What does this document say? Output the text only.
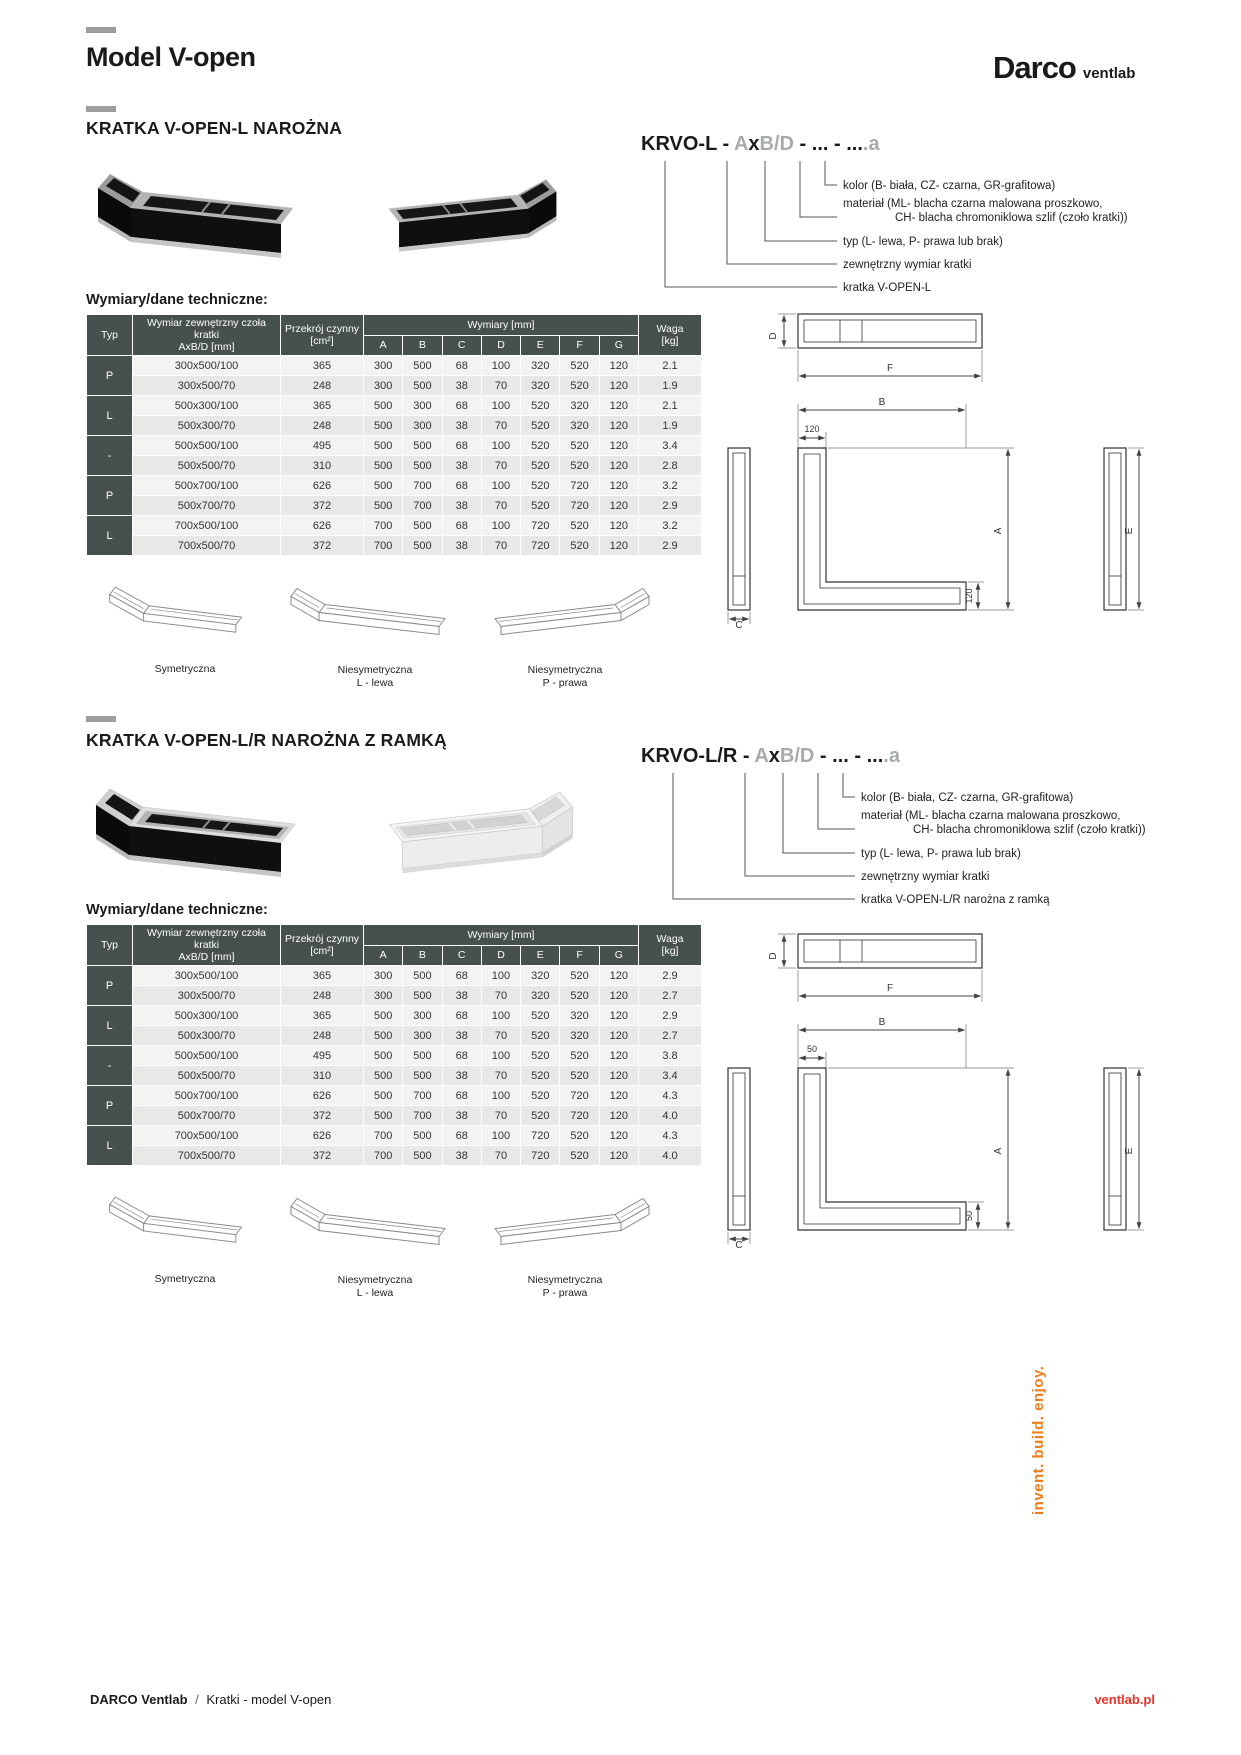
Model V-open	Darco ventlab
KRATKA V-OPEN-L NAROŻNA
KRVO-L - AxB/D - ... - ....a
kolor (B- biała, CZ- czarna, GR-grafitowa)
materiał (ML- blacha czarna malowana proszkowo,
CH- blacha chromoniklowa szlif (czoło kratki))
typ (L- lewa, P- prawa lub brak)
zewnętrzny wymiar kratki
kratka V-OPEN-L
Wymiary/dane techniczne:
Typ	
Wymiar zewnętrzny czoła kratki
AxB/D [mm]

Przekrój czynny
[cm²]
	Wymiary [mm]	Waga
[kg]

			A	B	C	D	E	F	G	
P	300x500/100	365	300	500	68	100	320	520	120	2.1
	300x500/70	248	300	500	38	70	320	520	120	1.9
L	500x300/100	365	500	300	68	100	520	320	120	2.1
	500x300/70	248	500	300	38	70	520	320	120	1.9
-	500x500/100	495	500	500	68	100	520	520	120	3.4
	500x500/70	310	500	500	38	70	520	520	120	2.8
P	500x700/100	626	500	700	68	100	520	720	120	3.2
	500x700/70	372	500	700	38	70	520	720	120	2.9
L	700x500/100	626	700	500	68	100	720	520	120	3.2
	700x500/70	372	700	500	38	70	720	520	120	2.9
D
F
B
120
A
120
C
E
Symetryczna	Niesymetryczna
L - lewa
Niesymetryczna
P - prawa
KRATKA V-OPEN-L/R NAROŻNA Z RAMKĄ
KRVO-L/R - AxB/D - ... - ....a
kolor (B- biała, CZ- czarna, GR-grafitowa)
materiał (ML- blacha czarna malowana proszkowo,
CH- blacha chromoniklowa szlif (czoło kratki))
typ (L- lewa, P- prawa lub brak)
zewnętrzny wymiar kratki
kratka V-OPEN-L/R narożna z ramką
Wymiary/dane techniczne:
Typ	
Wymiar zewnętrzny czoła kratki
AxB/D [mm]

Przekrój czynny
[cm²]
	Wymiary [mm]	Waga
[kg]

			A	B	C	D	E	F	G	
P	300x500/100	365	300	500	68	100	320	520	120	2.9
	300x500/70	248	300	500	38	70	320	520	120	2.7
L	500x300/100	365	500	300	68	100	520	320	120	2.9
	500x300/70	248	500	300	38	70	520	320	120	2.7
-	500x500/100	495	500	500	68	100	520	520	120	3.8
	500x500/70	310	500	500	38	70	520	520	120	3.4
P	500x700/100	626	500	700	68	100	520	720	120	4.3
	500x700/70	372	500	700	38	70	520	720	120	4.0
L	700x500/100	626	700	500	68	100	720	520	120	4.3
	700x500/70	372	700	500	38	70	720	520	120	4.0
D
F
B
50
A
50
C
E
Symetryczna	Niesymetryczna
L - lewa
Niesymetryczna
P - prawa
invent. build. enjoy.
DARCO Ventlab / Kratki - model V-open	ventlab.pl
